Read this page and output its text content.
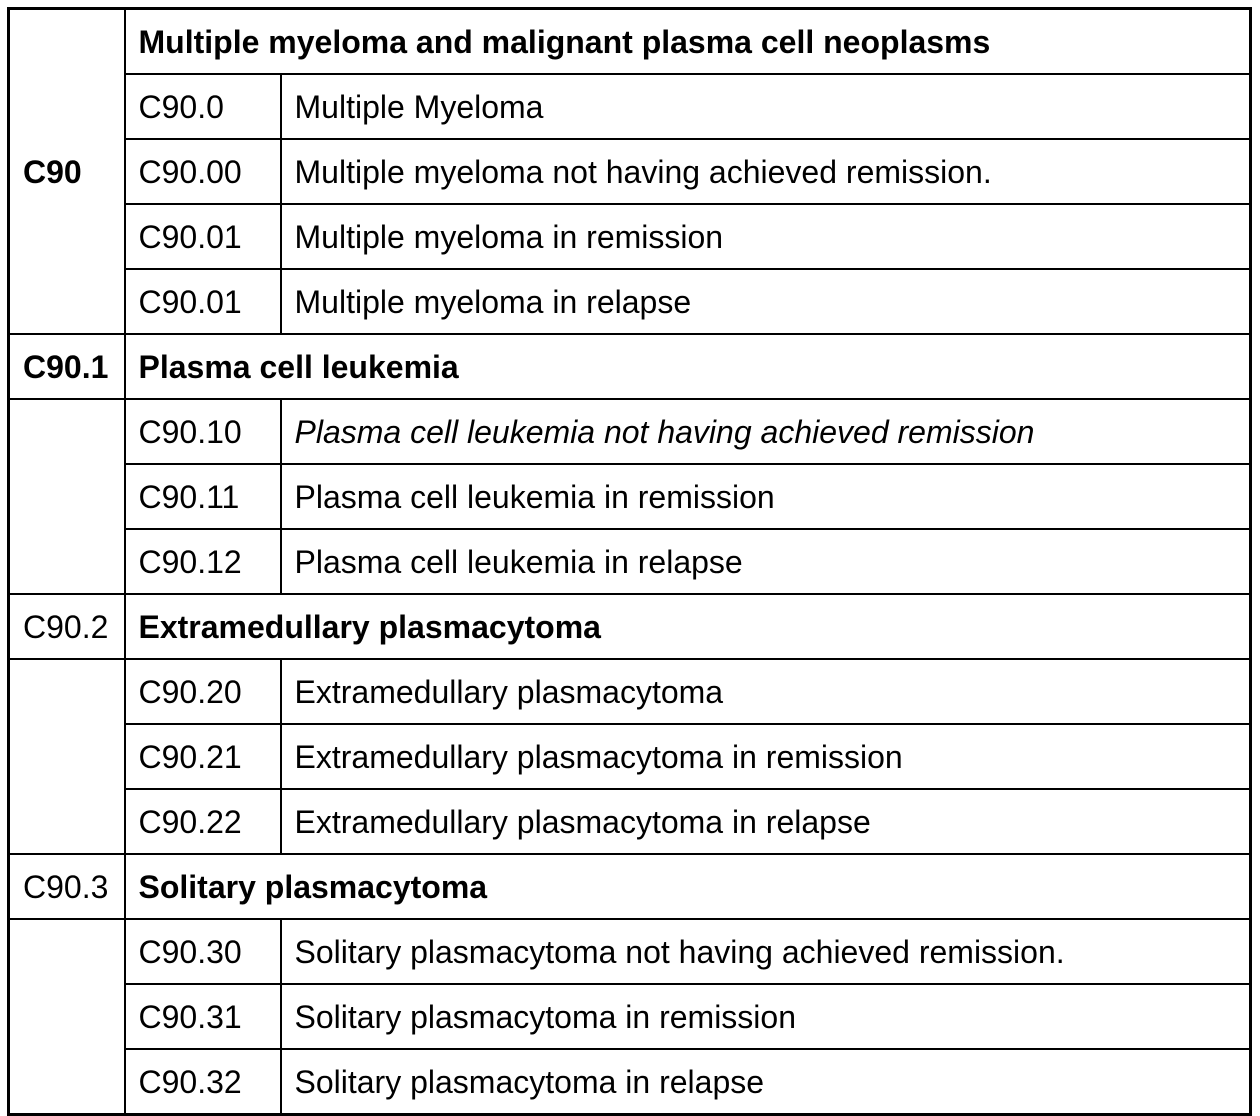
C90	Multiple myeloma and malignant plasma cell neoplasms	
	C90.0	Multiple Myeloma
	C90.00	Multiple myeloma not having achieved remission.
	C90.01	Multiple myeloma in remission
	C90.01	Multiple myeloma in relapse
C90.1	Plasma cell leukemia	
	C90.10	Plasma cell leukemia not having achieved remission
	C90.11	Plasma cell leukemia in remission
	C90.12	Plasma cell leukemia in relapse
C90.2	Extramedullary plasmacytoma	
	C90.20	Extramedullary plasmacytoma
	C90.21	Extramedullary plasmacytoma in remission
	C90.22	Extramedullary plasmacytoma in relapse
C90.3	Solitary plasmacytoma	
	C90.30	Solitary plasmacytoma not having achieved remission.
	C90.31	Solitary plasmacytoma in remission
	C90.32	Solitary plasmacytoma in relapse
